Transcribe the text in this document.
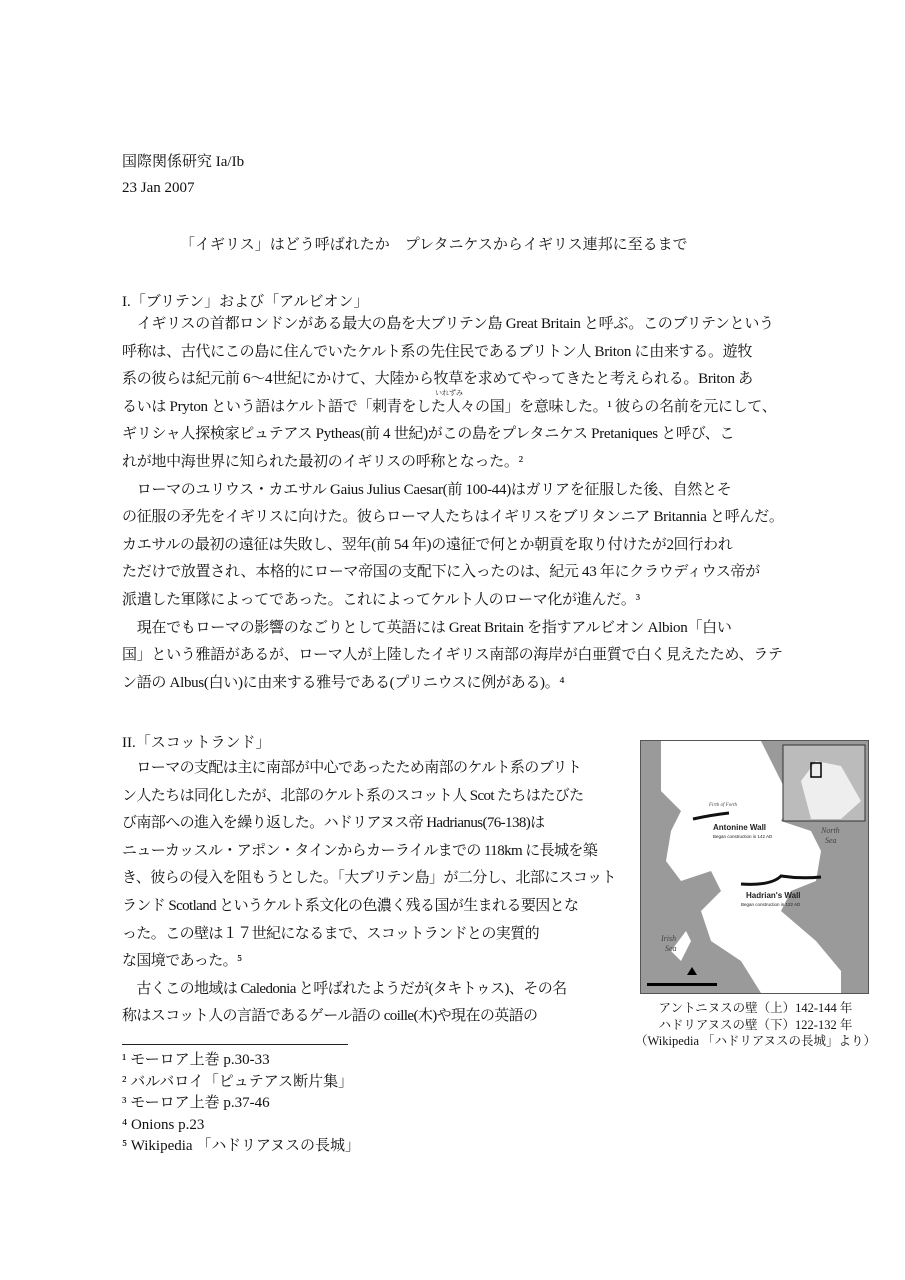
国際関係研究 Ia/Ib
23 Jan 2007
「イギリス」はどう呼ばれたか　プレタニケスからイギリス連邦に至るまで
I.「ブリテン」および「アルビオン」
いれずみ
　イギリスの首都ロンドンがある最大の島を大ブリテン島 Great Britain と呼ぶ。このブリテンという
呼称は、古代にこの島に住んでいたケルト系の先住民であるブリトン人 Briton に由来する。遊牧
系の彼らは紀元前 6～4世紀にかけて、大陸から牧草を求めてやってきたと考えられる。Briton あ
るいは Pryton という語はケルト語で「刺青をした人々の国」を意味した。¹ 彼らの名前を元にして、
ギリシャ人探検家ピュテアス Pytheas(前 4 世紀)がこの島をプレタニケス Pretaniques と呼び、こ
れが地中海世界に知られた最初のイギリスの呼称となった。²
　ローマのユリウス・カエサル Gaius Julius Caesar(前 100-44)はガリアを征服した後、自然とそ
の征服の矛先をイギリスに向けた。彼らローマ人たちはイギリスをブリタンニア Britannia と呼んだ。
カエサルの最初の遠征は失敗し、翌年(前 54 年)の遠征で何とか朝貢を取り付けたが2回行われ
ただけで放置され、本格的にローマ帝国の支配下に入ったのは、紀元 43 年にクラウディウス帝が
派遣した軍隊によってであった。これによってケルト人のローマ化が進んだ。³
　現在でもローマの影響のなごりとして英語には Great Britain を指すアルビオン Albion「白い
国」という雅語があるが、ローマ人が上陸したイギリス南部の海岸が白亜質で白く見えたため、ラテ
ン語の Albus(白い)に由来する雅号である(プリニウスに例がある)。⁴
II.「スコットランド」
　ローマの支配は主に南部が中心であったため南部のケルト系のブリト
ン人たちは同化したが、北部のケルト系のスコット人 Scot たちはたびた
び南部への進入を繰り返した。ハドリアヌス帝 Hadrianus(76-138)は
ニューカッスル・アポン・タインからカーライルまでの 118km に長城を築
き、彼らの侵入を阻もうとした。「大ブリテン島」が二分し、北部にスコット
ランド Scotland というケルト系文化の色濃く残る国が生まれる要因とな
った。この壁は１７世紀になるまで、スコットランドとの実質的
な国境であった。⁵
　古くこの地域は Caledonia と呼ばれたようだが(タキトゥス)、その名
称はスコット人の言語であるゲール語の coille(木)や現在の英語の
Firth of Forth
Antonine Wall
Began construction in 142 AD
Hadrian's Wall
Began construction in 122 AD
North
Sea
Irish
Sea
アントニヌスの壁（上）142-144 年
ハドリアヌスの壁（下）122-132 年
（Wikipedia 「ハドリアヌスの長城」より）
¹ モーロア上巻 p.30-33
² バルバロイ「ピュテアス断片集」
³ モーロア上巻 p.37-46
⁴ Onions p.23
⁵ Wikipedia 「ハドリアヌスの長城」
